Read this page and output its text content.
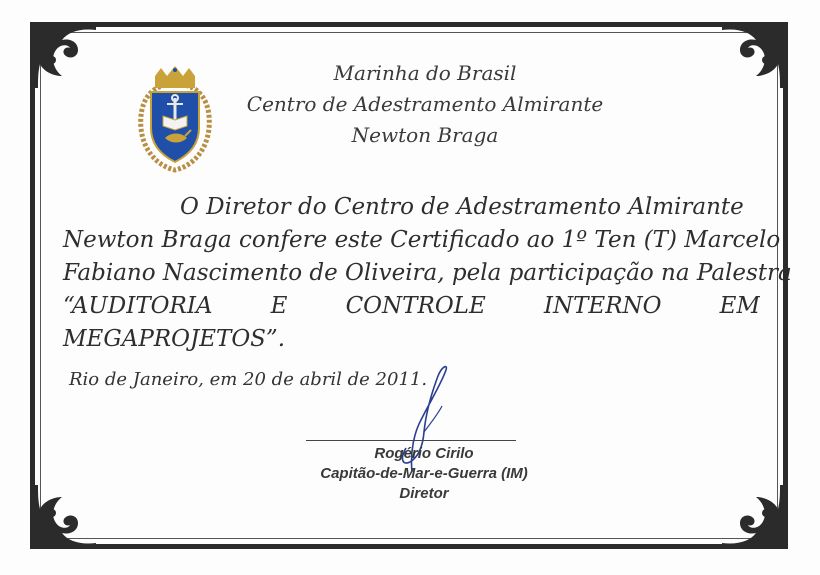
Marinha do Brasil
Centro de Adestramento Almirante
Newton Braga
O Diretor do Centro de Adestramento Almirante
Newton Braga confere este Certificado ao 1º Ten (T) Marcelo
Fabiano Nascimento de Oliveira, pela participação na Palestra
“AUDITORIA E CONTROLE INTERNO EM
MEGAPROJETOS”.
Rio de Janeiro, em 20 de abril de 2011.
Rogério Cirilo
Capitão-de-Mar-e-Guerra (IM)
Diretor
